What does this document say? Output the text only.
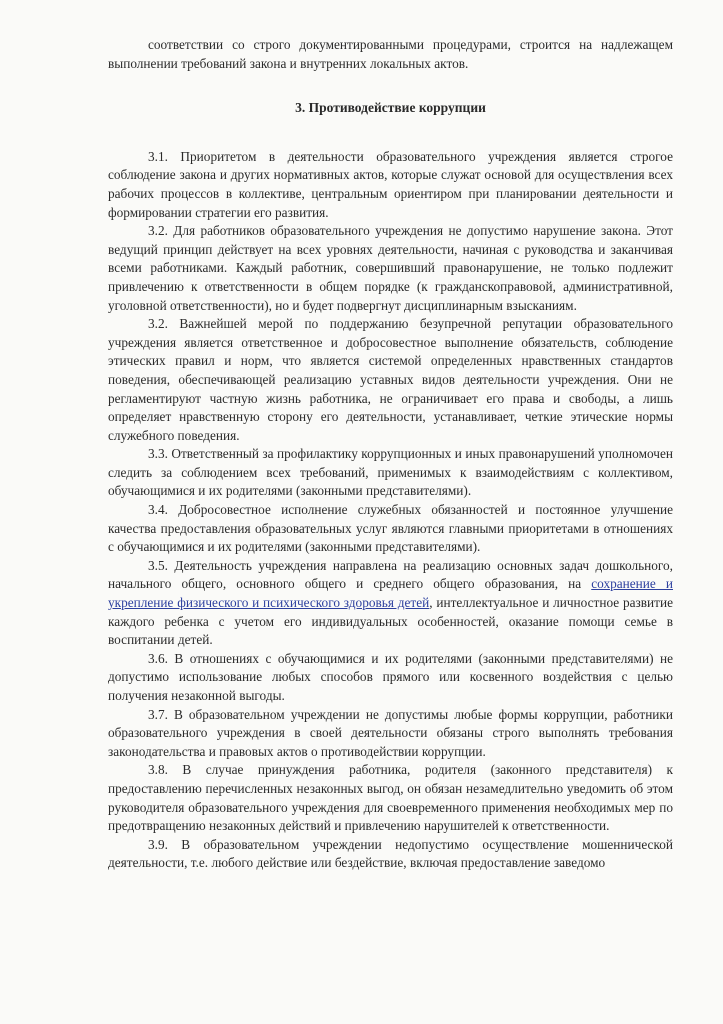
соответствии со строго документированными процедурами, строится на надлежащем выполнении требований закона и внутренних локальных актов.

3. Противодействие коррупции

3.1. Приоритетом в деятельности образовательного учреждения является строгое соблюдение закона и других нормативных актов, которые служат основой для осуществления всех рабочих процессов в коллективе, центральным ориентиром при планировании деятельности и формировании стратегии его развития.

3.2. Для работников образовательного учреждения не допустимо нарушение закона. Этот ведущий принцип действует на всех уровнях деятельности, начиная с руководства и заканчивая всеми работниками. Каждый работник, совершивший правонарушение, не только подлежит привлечению к ответственности в общем порядке (к гражданскоправовой, административной, уголовной ответственности), но и будет подвергнут дисциплинарным взысканиям.

3.2. Важнейшей мерой по поддержанию безупречной репутации образовательного учреждения является ответственное и добросовестное выполнение обязательств, соблюдение этических правил и норм, что является системой определенных нравственных стандартов поведения, обеспечивающей реализацию уставных видов деятельности учреждения. Они не регламентируют частную жизнь работника, не ограничивает его права и свободы, а лишь определяет нравственную сторону его деятельности, устанавливает, четкие этические нормы служебного поведения.

3.3. Ответственный за профилактику коррупционных и иных правонарушений уполномочен следить за соблюдением всех требований, применимых к взаимодействиям с коллективом, обучающимися и их родителями (законными представителями).

3.4. Добросовестное исполнение служебных обязанностей и постоянное улучшение качества предоставления образовательных услуг являются главными приоритетами в отношениях с обучающимися и их родителями (законными представителями).

3.5. Деятельность учреждения направлена на реализацию основных задач дошкольного, начального общего, основного общего и среднего общего образования, на сохранение и укрепление физического и психического здоровья детей, интеллектуальное и личностное развитие каждого ребенка с учетом его индивидуальных особенностей, оказание помощи семье в воспитании детей.

3.6. В отношениях с обучающимися и их родителями (законными представителями) не допустимо использование любых способов прямого или косвенного воздействия с целью получения незаконной выгоды.

3.7. В образовательном учреждении не допустимы любые формы коррупции, работники образовательного учреждения в своей деятельности обязаны строго выполнять требования законодательства и правовых актов о противодействии коррупции.

3.8. В случае принуждения работника, родителя (законного представителя) к предоставлению перечисленных незаконных выгод, он обязан незамедлительно уведомить об этом руководителя образовательного учреждения для своевременного применения необходимых мер по предотвращению незаконных действий и привлечению нарушителей к ответственности.

3.9. В образовательном учреждении недопустимо осуществление мошеннической деятельности, т.е. любого действие или бездействие, включая предоставление заведомо
